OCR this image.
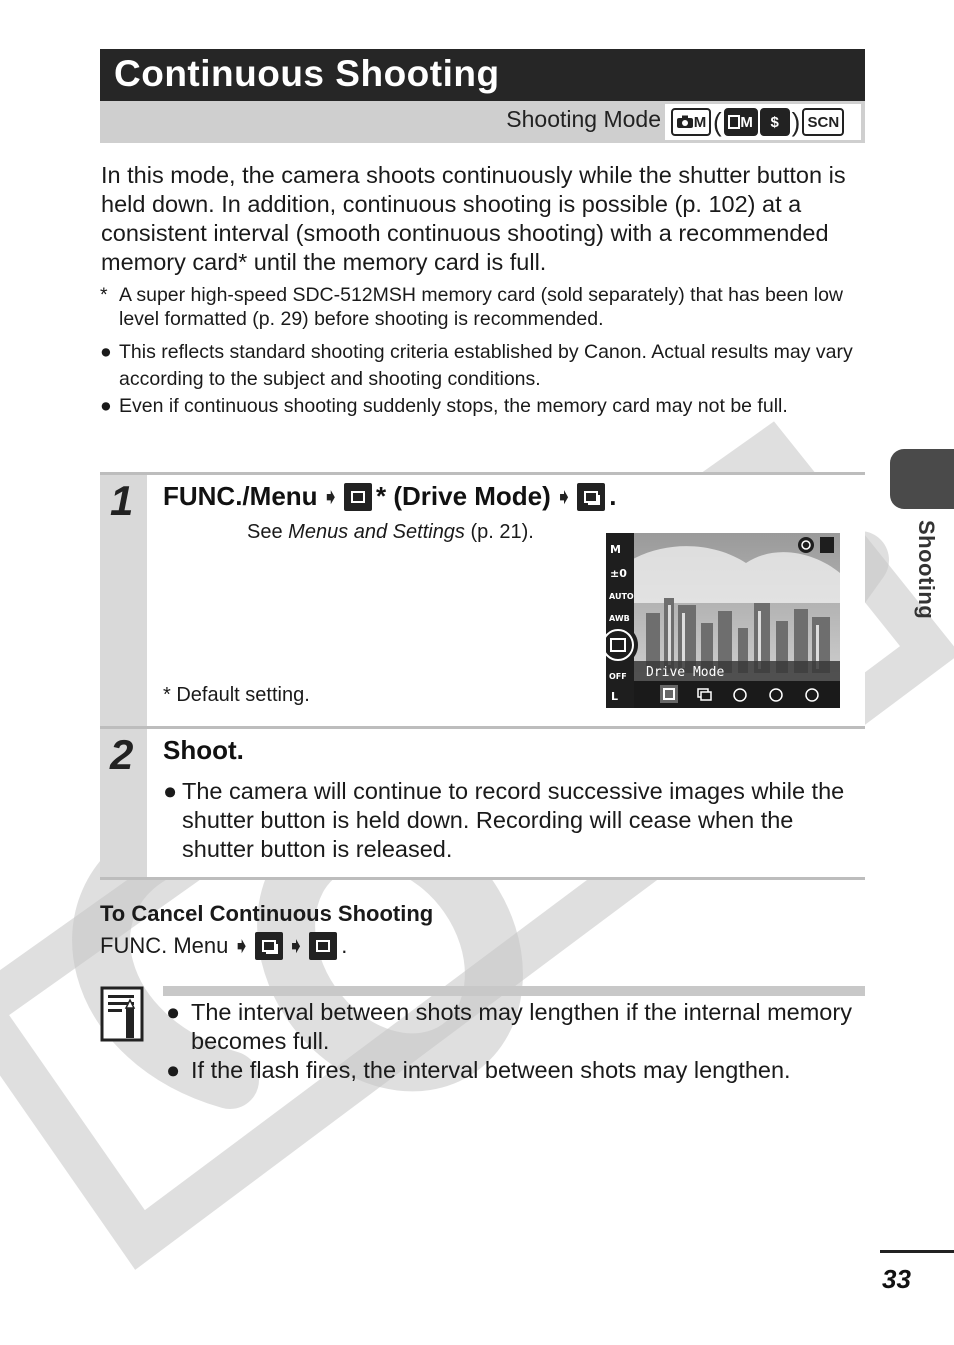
Continuous Shooting
Shooting Mode M ( M $ ) SCN

In this mode, the camera shoots continuously while the shutter button is held down. In addition, continuous shooting is possible (p. 102) at a consistent interval (smooth continuous shooting) with a recommended memory card* until the memory card is full.

* A super high-speed SDC-512MSH memory card (sold separately) that has been low level formatted (p. 29) before shooting is recommended.
● This reflects standard shooting criteria established by Canon. Actual results may vary according to the subject and shooting conditions.
● Even if continuous shooting suddenly stops, the memory card may not be full.
1 FUNC./Menu ➧ * (Drive Mode) ➧ .
See Menus and Settings (p. 21).
M
±0
AUTO
AWB
OFF
L
Drive Mode
* Default setting.
2 Shoot.
● The camera will continue to record successive images while the shutter button is held down. Recording will cease when the shutter button is released.
To Cancel Continuous Shooting
FUNC. Menu ➧ ➧ .
● The interval between shots may lengthen if the internal memory becomes full.
● If the flash fires, the interval between shots may lengthen.
Shooting
33
